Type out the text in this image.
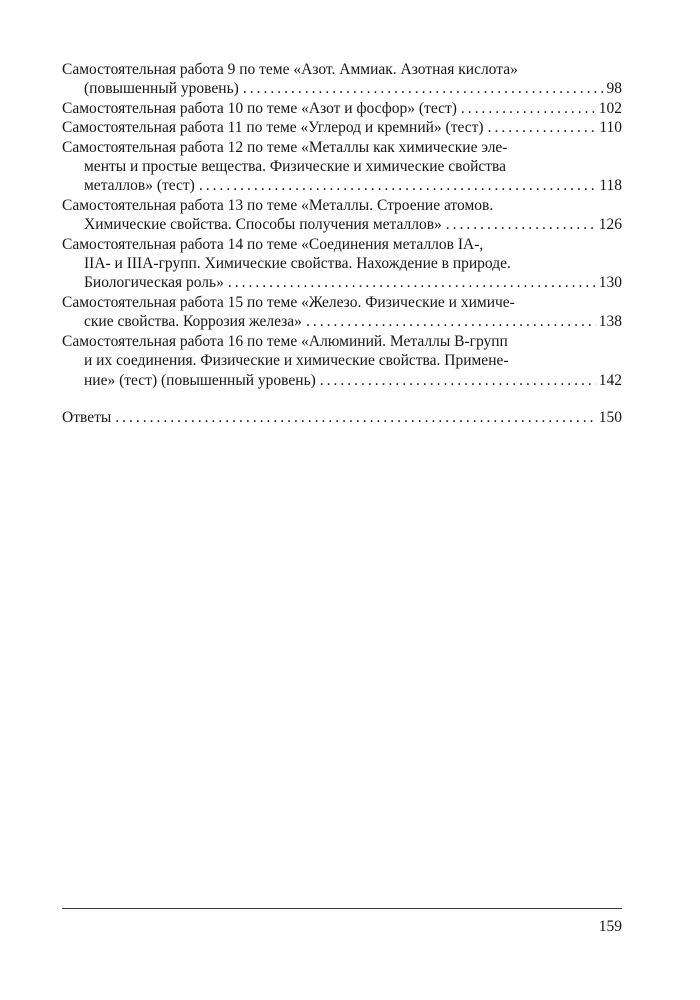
Самостоятельная работа 9 по теме «Азот. Аммиак. Азотная кислота»
(повышенный уровень) .....	98
Самостоятельная работа 10 по теме «Азот и фосфор» (тест) .....	102
Самостоятельная работа 11 по теме «Углерод и кремний» (тест) .....	110
Самостоятельная работа 12 по теме «Металлы как химические эле-
менты и простые вещества. Физические и химические свойства
металлов» (тест) .....	118
Самостоятельная работа 13 по теме «Металлы. Строение атомов.
Химические свойства. Способы получения металлов» .....	126
Самостоятельная работа 14 по теме «Соединения металлов IA-,
IIА- и IIIА-групп. Химические свойства. Нахождение в природе.
Биологическая роль» .....	130
Самостоятельная работа 15 по теме «Железо. Физические и химиче-
ские свойства. Коррозия железа» .....	138
Самостоятельная работа 16 по теме «Алюминий. Металлы B-групп
и их соединения. Физические и химические свойства. Примене-
ние» (тест) (повышенный уровень) .....	142
Ответы .....	150
159
